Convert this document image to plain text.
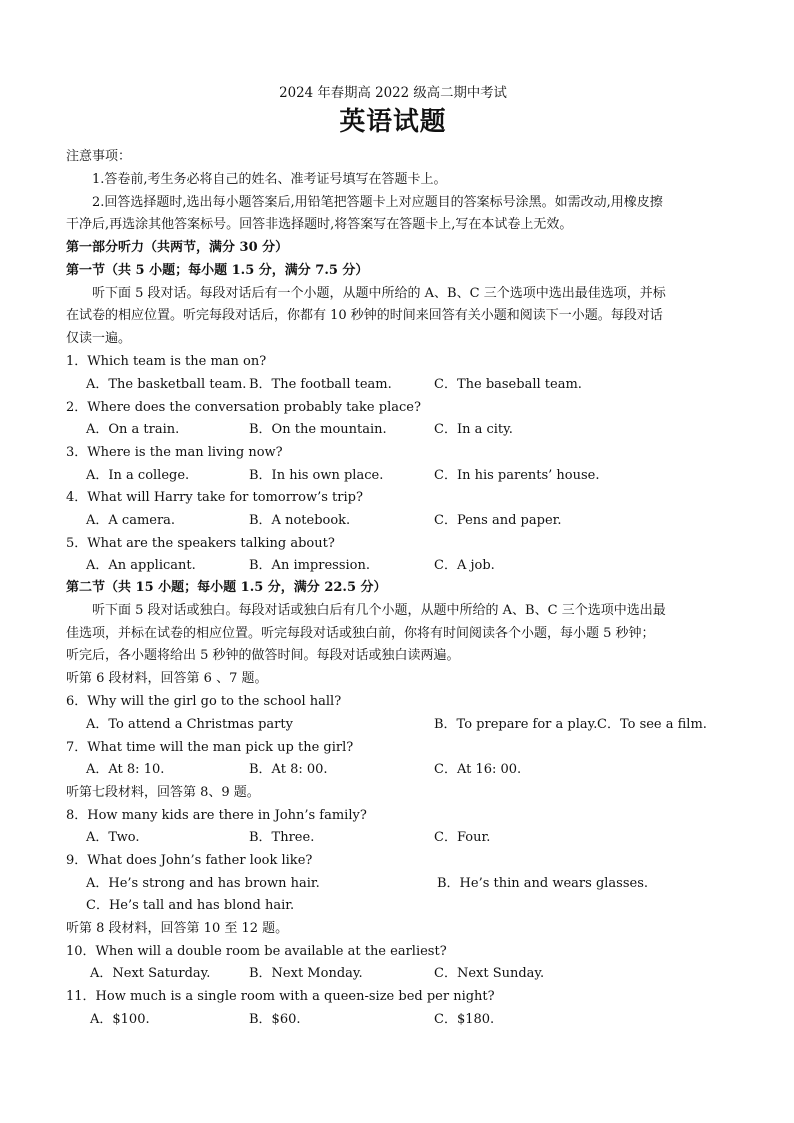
2024 年春期高 2022 级高二期中考试
英语试题
注意事项：
1.答卷前,考生务必将自己的姓名、准考证号填写在答题卡上。
2.回答选择题时,选出每小题答案后,用铅笔把答题卡上对应题目的答案标号涂黑。如需改动,用橡皮擦
干净后,再选涂其他答案标号。回答非选择题时,将答案写在答题卡上,写在本试卷上无效。
第一部分听力（共两节，满分 30 分）
第一节（共 5 小题；每小题 1.5 分，满分 7.5 分）
听下面 5 段对话。每段对话后有一个小题，从题中所给的 A、B、C 三个选项中选出最佳选项，并标
在试卷的相应位置。听完每段对话后，你都有 10 秒钟的时间来回答有关小题和阅读下一小题。每段对话
仅读一遍。
1．Which team is the man on?
A．The basketball team. B．The football team.	C．The baseball team.
2．Where does the conversation probably take place?
A．On a train.	B．On the mountain.	C．In a city.
3．Where is the man living now?
A．In a college.	B．In his own place.	C．In his parents’ house.
4．What will Harry take for tomorrow’s trip?
A．A camera.	B．A notebook.	C．Pens and paper.
5．What are the speakers talking about?
A．An applicant.	B．An impression.	C．A job.
第二节（共 15 小题；每小题 1.5 分，满分 22.5 分）
听下面 5 段对话或独白。每段对话或独白后有几个小题，从题中所给的 A、B、C 三个选项中选出最
佳选项，并标在试卷的相应位置。听完每段对话或独白前，你将有时间阅读各个小题，每小题 5 秒钟；
听完后，各小题将给出 5 秒钟的做答时间。每段对话或独白读两遍。
听第 6 段材料，回答第 6 、7 题。
6．Why will the girl go to the school hall?
A．To attend a Christmas party	B．To prepare for a play. C．To see a film.
7．What time will the man pick up the girl?
A．At 8: 10.	B．At 8: 00.	C．At 16: 00.
听第七段材料，回答第 8、9 题。
8．How many kids are there in John’s family?
A．Two.	B．Three.	C．Four.
9．What does John’s father look like?
A．He’s strong and has brown hair.	B．He’s thin and wears glasses.
C．He’s tall and has blond hair.
听第 8 段材料，回答第 10 至 12 题。
10．When will a double room be available at the earliest?
A．Next Saturday.	B．Next Monday.	C．Next Sunday.
11．How much is a single room with a queen-size bed per night?
A．$100.	B．$60.	C．$180.
